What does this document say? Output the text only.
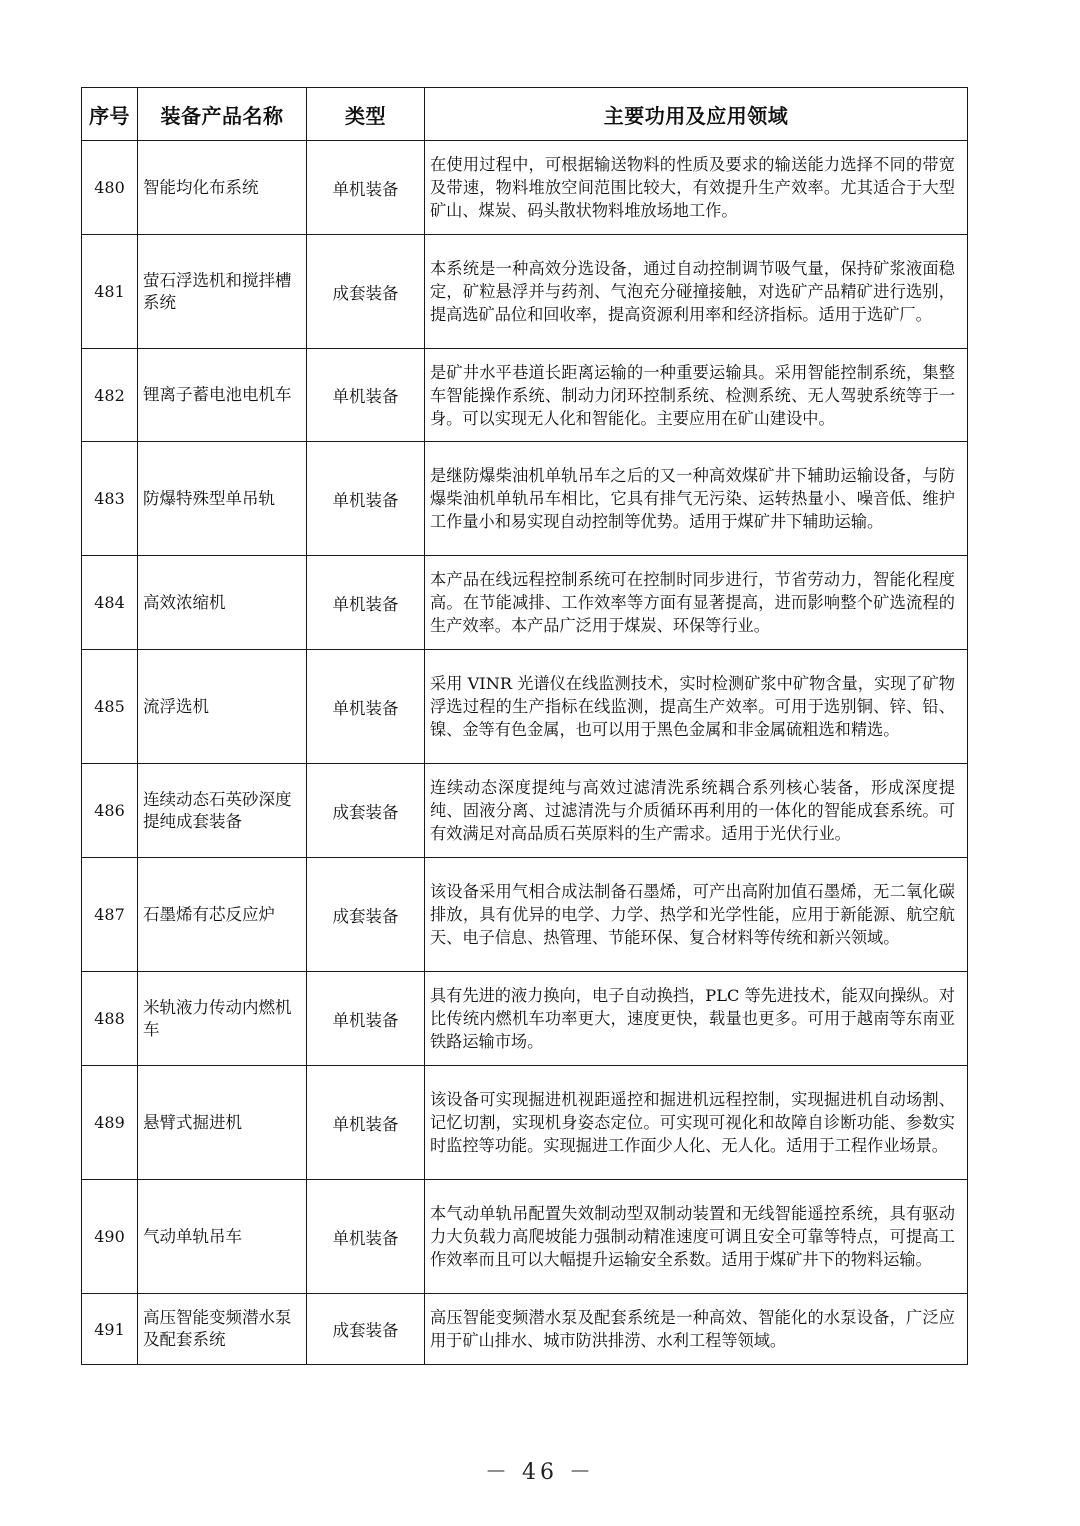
序号	装备产品名称	类型	主要功用及应用领域
480	智能均化布系统	单机装备	在使用过程中，可根据输送物料的性质及要求的输送能力选择不同的带宽及带速，物料堆放空间范围比较大，有效提升生产效率。尤其适合于大型矿山、煤炭、码头散状物料堆放场地工作。
481	萤石浮选机和搅拌槽系统	成套装备	本系统是一种高效分选设备，通过自动控制调节吸气量，保持矿浆液面稳定，矿粒悬浮并与药剂、气泡充分碰撞接触，对选矿产品精矿进行选别，提高选矿品位和回收率，提高资源利用率和经济指标。适用于选矿厂。
482	锂离子蓄电池电机车	单机装备	是矿井水平巷道长距离运输的一种重要运输具。采用智能控制系统，集整车智能操作系统、制动力闭环控制系统、检测系统、无人驾驶系统等于一身。可以实现无人化和智能化。主要应用在矿山建设中。
483	防爆特殊型单吊轨	单机装备	是继防爆柴油机单轨吊车之后的又一种高效煤矿井下辅助运输设备，与防爆柴油机单轨吊车相比，它具有排气无污染、运转热量小、噪音低、维护工作量小和易实现自动控制等优势。适用于煤矿井下辅助运输。
484	高效浓缩机	单机装备	本产品在线远程控制系统可在控制时同步进行，节省劳动力，智能化程度高。在节能减排、工作效率等方面有显著提高，进而影响整个矿选流程的生产效率。本产品广泛用于煤炭、环保等行业。
485	流浮选机	单机装备	采用 VINR 光谱仪在线监测技术，实时检测矿浆中矿物含量，实现了矿物浮选过程的生产指标在线监测，提高生产效率。可用于选别铜、锌、铅、镍、金等有色金属，也可以用于黑色金属和非金属硫粗选和精选。
486	连续动态石英砂深度提纯成套装备	成套装备	连续动态深度提纯与高效过滤清洗系统耦合系列核心装备，形成深度提纯、固液分离、过滤清洗与介质循环再利用的一体化的智能成套系统。可有效满足对高品质石英原料的生产需求。适用于光伏行业。
487	石墨烯有芯反应炉	成套装备	该设备采用气相合成法制备石墨烯，可产出高附加值石墨烯，无二氧化碳排放，具有优异的电学、力学、热学和光学性能，应用于新能源、航空航天、电子信息、热管理、节能环保、复合材料等传统和新兴领域。
488	米轨液力传动内燃机车	单机装备	具有先进的液力换向，电子自动换挡，PLC 等先进技术，能双向操纵。对比传统内燃机车功率更大，速度更快，载量也更多。可用于越南等东南亚铁路运输市场。
489	悬臂式掘进机	单机装备	该设备可实现掘进机视距遥控和掘进机远程控制，实现掘进机自动场割、记忆切割，实现机身姿态定位。可实现可视化和故障自诊断功能、参数实时监控等功能。实现掘进工作面少人化、无人化。适用于工程作业场景。
490	气动单轨吊车	单机装备	本气动单轨吊配置失效制动型双制动装置和无线智能遥控系统，具有驱动力大负载力高爬坡能力强制动精准速度可调且安全可靠等特点，可提高工作效率而且可以大幅提升运输安全系数。适用于煤矿井下的物料运输。
491	高压智能变频潜水泵及配套系统	成套装备	高压智能变频潜水泵及配套系统是一种高效、智能化的水泵设备，广泛应用于矿山排水、城市防洪排涝、水利工程等领域。
－ 46 －
